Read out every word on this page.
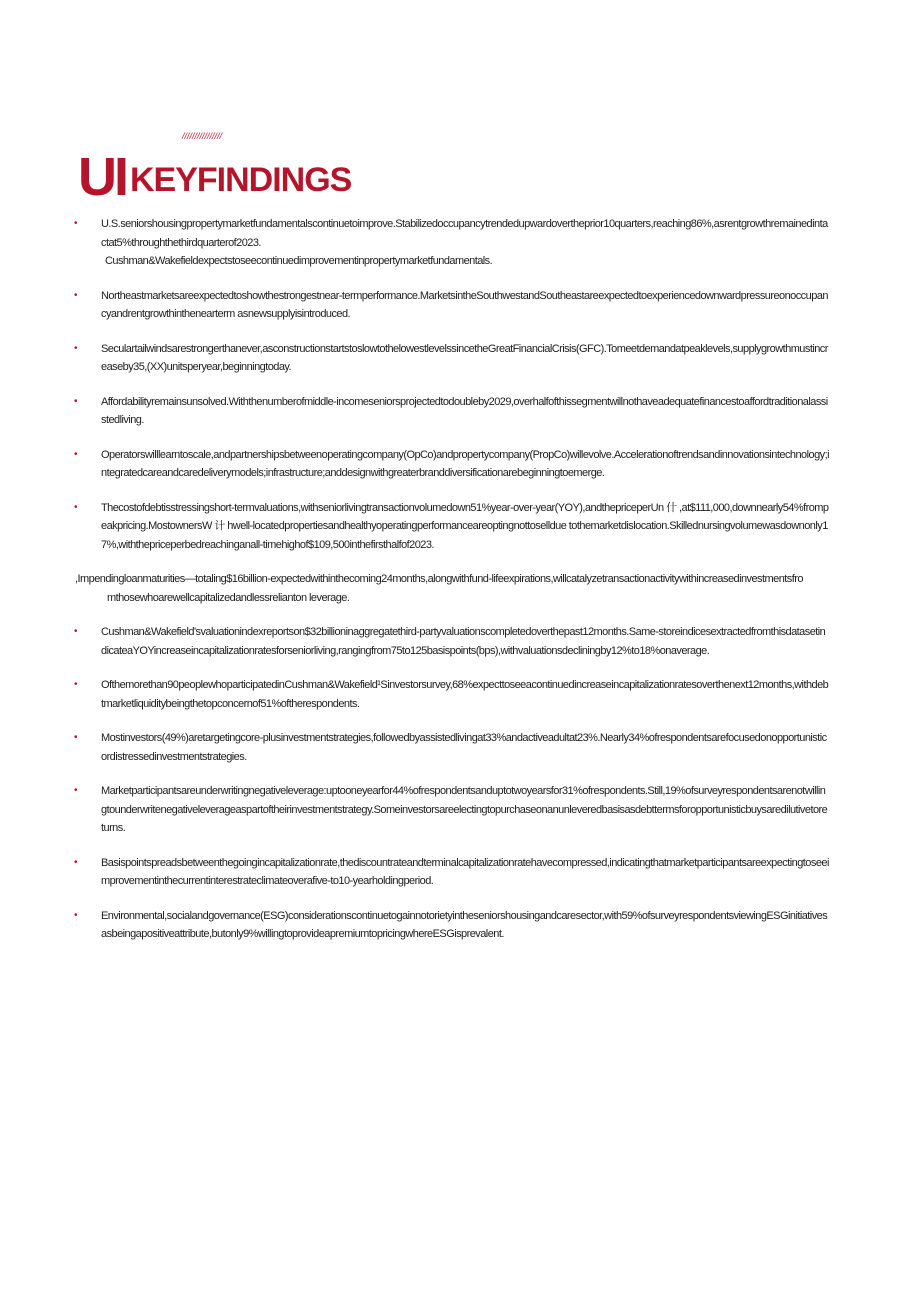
////////////////
UI KEYFINDINGS
• U.S.seniorshousingpropertymarketfundamentalscontinuetoimprove.Stabilizedoccupancytrendedupwardovertheprior10quarters,reaching86%,asrentgrowthremainedintactat5%throughthethirdquarterof2023.
Cushman&Wakefieldexpectstoseecontinuedimprovementinpropertymarketfundamentals.
• Northeastmarketsareexpectedtoshowthestrongestnear-termperformance.MarketsintheSouthwestandSoutheastareexpectedtoexperiencedownwardpressureonoccupancyandrentgrowthinthenearterm asnewsupplyisintroduced.
• Seculartailwindsarestrongerthanever,asconstructionstartstoslowtothelowestlevelssincetheGreatFinancialCrisis(GFC).Tomeetdemandatpeaklevels,supplygrowthmustincreaseby35,(XX)unitsperyear,beginningtoday.
• Affordabilityremainsunsolved.Withthenumberofmiddle-incomeseniorsprojectedtodoubleby2029,overhalfofthissegmentwillnothaveadequatefinancestoaffordtraditionalassistedliving.
• Operatorswilllearntoscale,andpartnershipsbetweenoperatingcompany(OpCo)andpropertycompany(PropCo)willevolve.Accelerationoftrendsandinnovationsintechnology;integratedcareandcaredeliverymodels;infrastructure;anddesignwithgreaterbranddiversificationarebeginningtoemerge.
• Thecostofdebtisstressingshort-termvaluations,withseniorlivingtransactionvolumedown51%year-over-year(YOY),andthepriceperUn 什 ,at$111,000,downnearly54%frompeakpricing.MostownersW 计 hwell-locatedpropertiesandhealthyoperatingperformanceareoptingnottoselldue tothemarketdislocation.Skillednursingvolumewasdownonly17%,withthepriceperbedreachinganall-timehighof$109,500inthefirsthalfof2023.
,Impendingloanmaturities—totaling$16billion-expectedwithinthecoming24months,alongwithfund-lifeexpirations,willcatalyzetransactionactivitywithincreasedinvestmentsfromthosewhoarewellcapitalizedandlessrelianton leverage.
• Cushman&Wakefield'svaluationindexreportson$32billioninaggregatethird-partyvaluationscompletedoverthepast12months.Same-storeindicesextractedfromthisdatasetindicateaYOYincreaseincapitalizationratesforseniorliving,rangingfrom75to125basispoints(bps),withvaluationsdecliningby12%to18%onaverage.
• Ofthemorethan90peoplewhoparticipatedinCushman&Wakefield¹Sinvestorsurvey,68%expecttoseeacontinuedincreaseincapitalizationratesoverthenext12months,withdebtmarketliquiditybeingthetopconcernof51%oftherespondents.
• Mostinvestors(49%)aretargetingcore-plusinvestmentstrategies,followedbyassistedlivingat33%andactiveadultat23%.Nearly34%ofrespondentsarefocusedonopportunisticordistressedinvestmentstrategies.
• Marketparticipantsareunderwritingnegativeleverage:uptooneyearfor44%ofrespondentsanduptotwoyearsfor31%ofrespondents.Still,19%ofsurveyrespondentsarenotwillingtounderwritenegativeleverageaspartoftheirinvestmentstrategy.Someinvestorsareelectingtopurchaseonanunleveredbasisasdebttermsforopportunisticbuysaredilutivetoreturns.
• Basispointspreadsbetweenthegoingincapitalizationrate,thediscountrateandterminalcapitalizationratehavecompressed,indicatingthatmarketparticipantsareexpectingtoseeimprovementinthecurrentinterestrateclimateoverafive-to10-yearholdingperiod.
• Environmental,socialandgovernance(ESG)considerationscontinuetogainnotorietyintheseniorshousingandcaresector,with59%ofsurveyrespondentsviewingESGinitiativesasbeingapositiveattribute,butonly9%willingtoprovideapremiumtopricingwhereESGisprevalent.
